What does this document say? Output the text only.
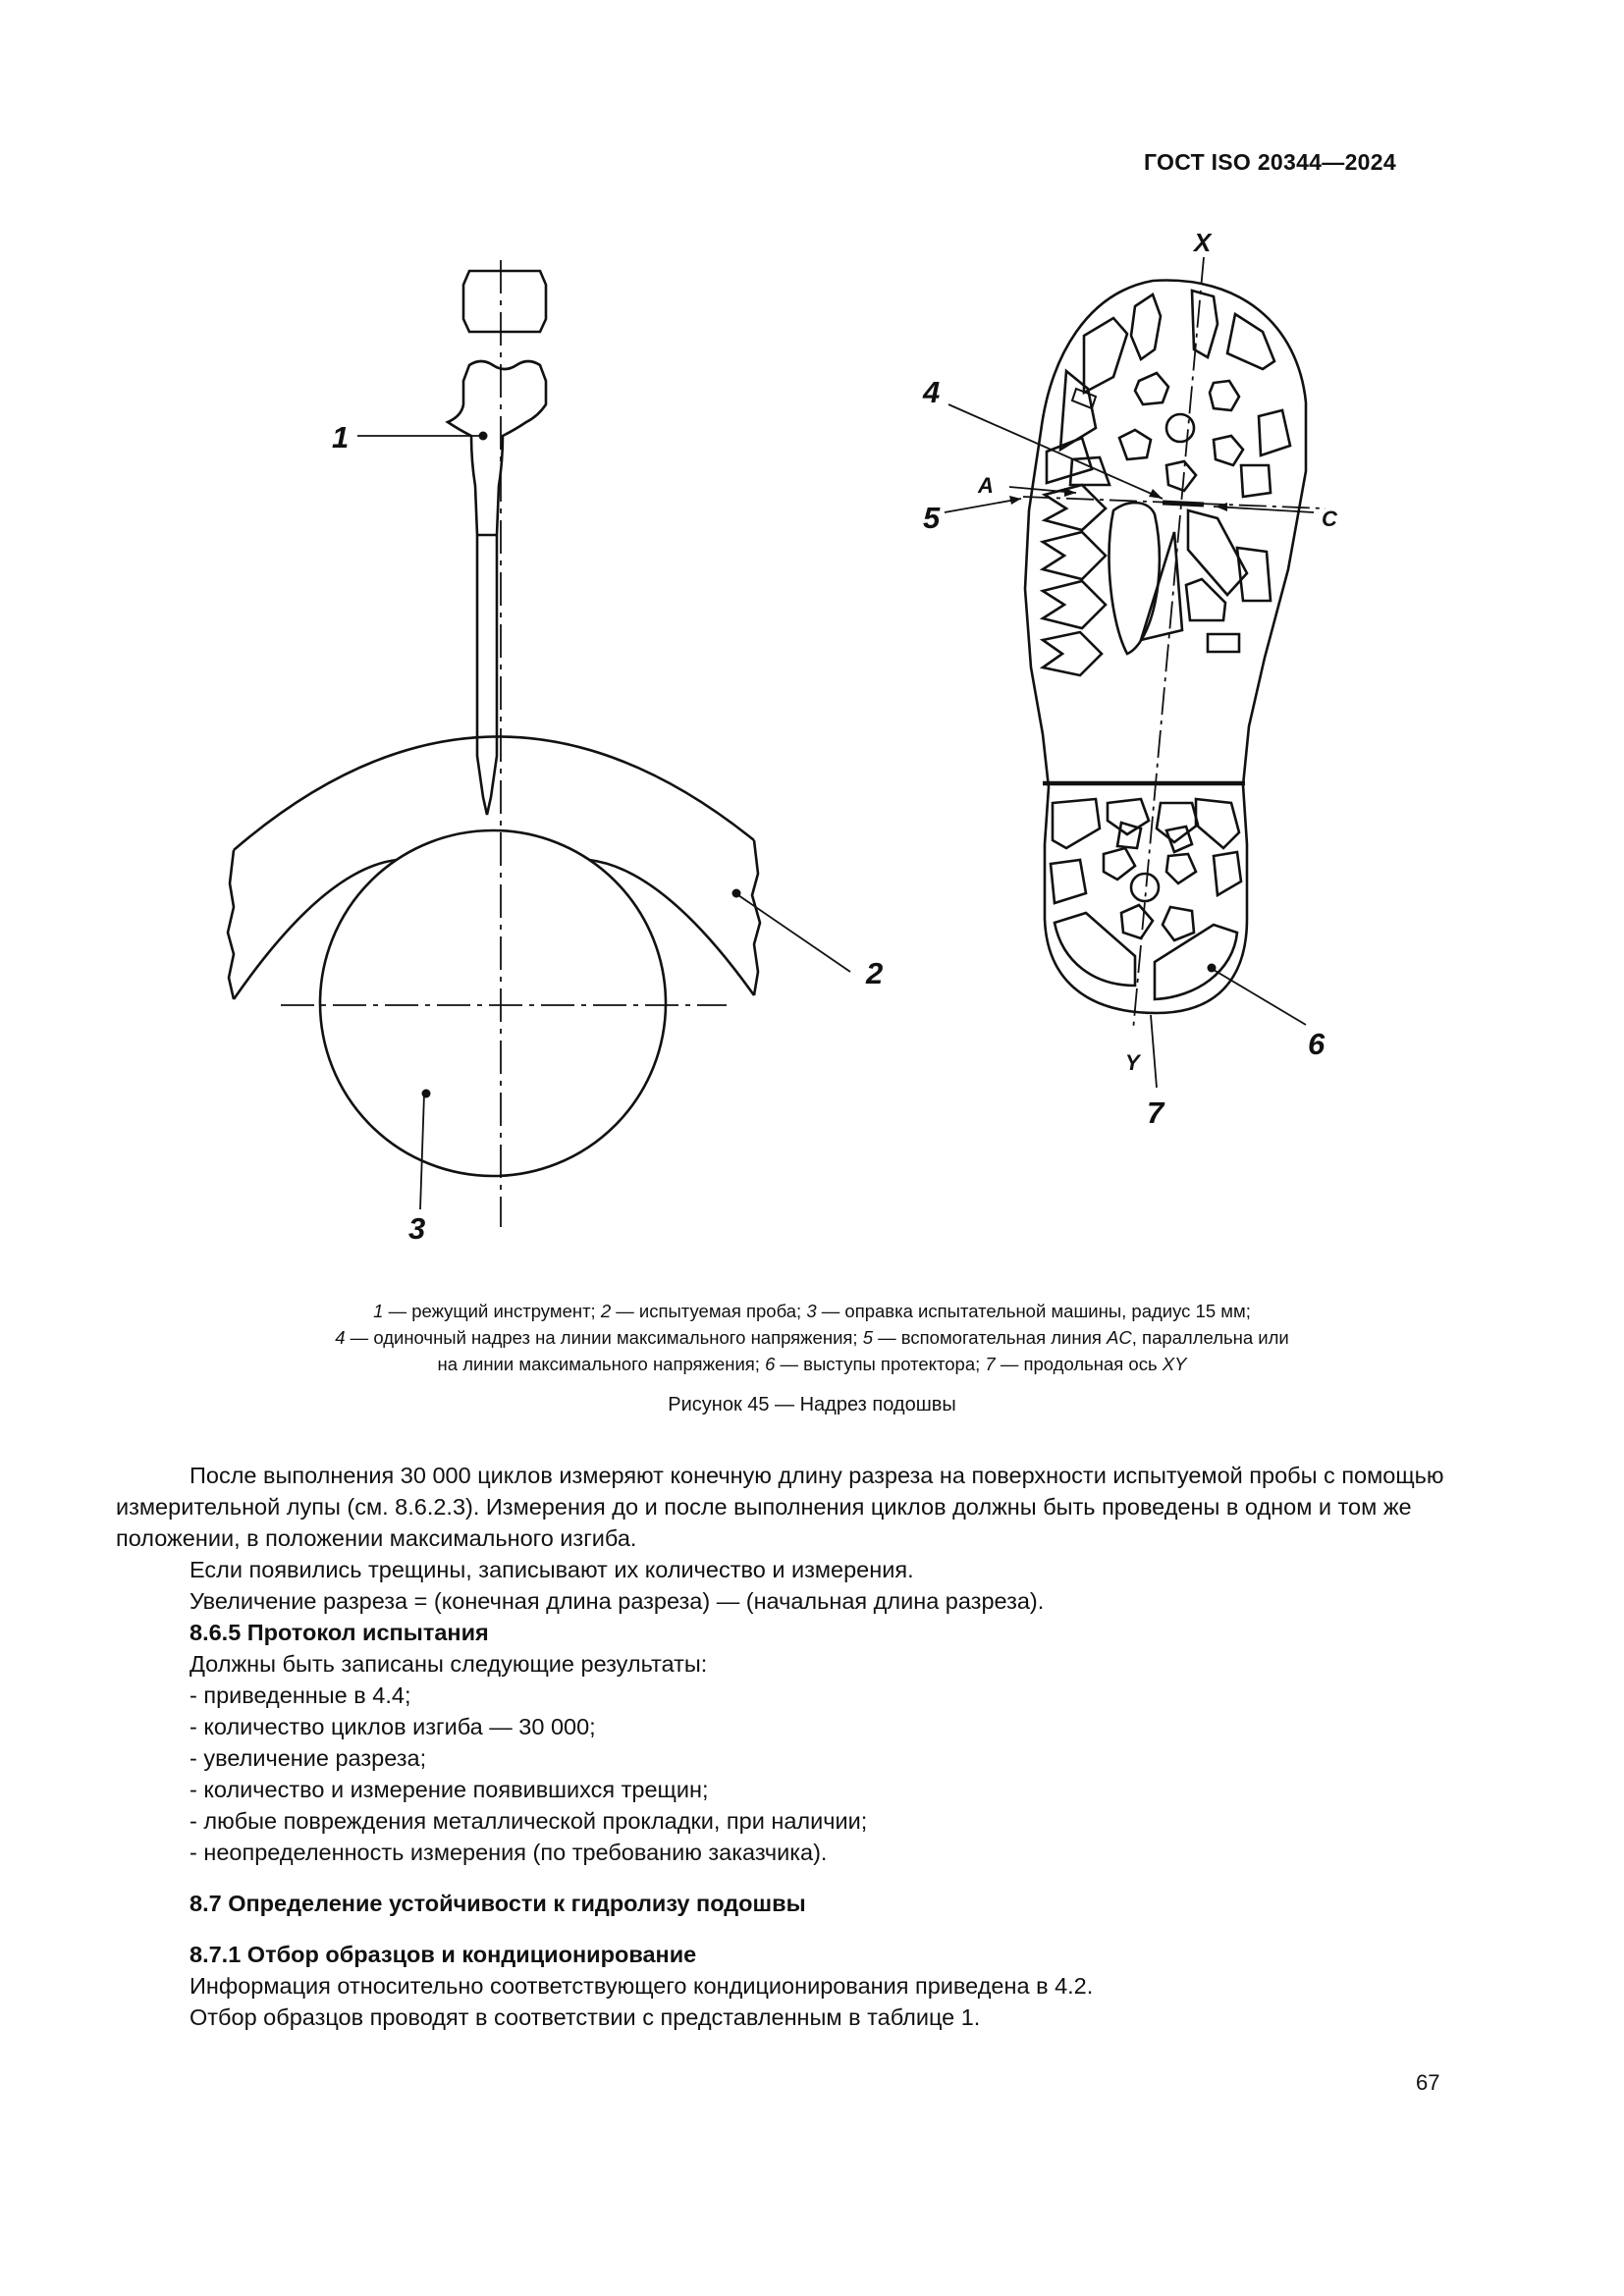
ГОСТ ISO 20344—2024
1
2
3
4
5
6
7
X
Y
A
C
1 — режущий инструмент; 2 — испытуемая проба; 3 — оправка испытательной машины, радиус 15 мм;
4 — одиночный надрез на линии максимального напряжения; 5 — вспомогательная линия AC, параллельна или
на линии максимального напряжения; 6 — выступы протектора; 7 — продольная ось XY
Рисунок 45 — Надрез подошвы

После выполнения 30 000 циклов измеряют конечную длину разреза на поверхности испытуемой пробы с помощью измерительной лупы (см. 8.6.2.3). Измерения до и после выполнения циклов должны быть проведены в одном и том же положении, в положении максимального изгиба.

Если появились трещины, записывают их количество и измерения.

Увеличение разреза = (конечная длина разреза) — (начальная длина разреза).

8.6.5 Протокол испытания

Должны быть записаны следующие результаты:

- приведенные в 4.4;

- количество циклов изгиба — 30 000;

- увеличение разреза;

- количество и измерение появившихся трещин;

- любые повреждения металлической прокладки, при наличии;

- неопределенность измерения (по требованию заказчика).

8.7 Определение устойчивости к гидролизу подошвы

8.7.1 Отбор образцов и кондиционирование

Информация относительно соответствующего кондиционирования приведена в 4.2.

Отбор образцов проводят в соответствии с представленным в таблице 1.

67
